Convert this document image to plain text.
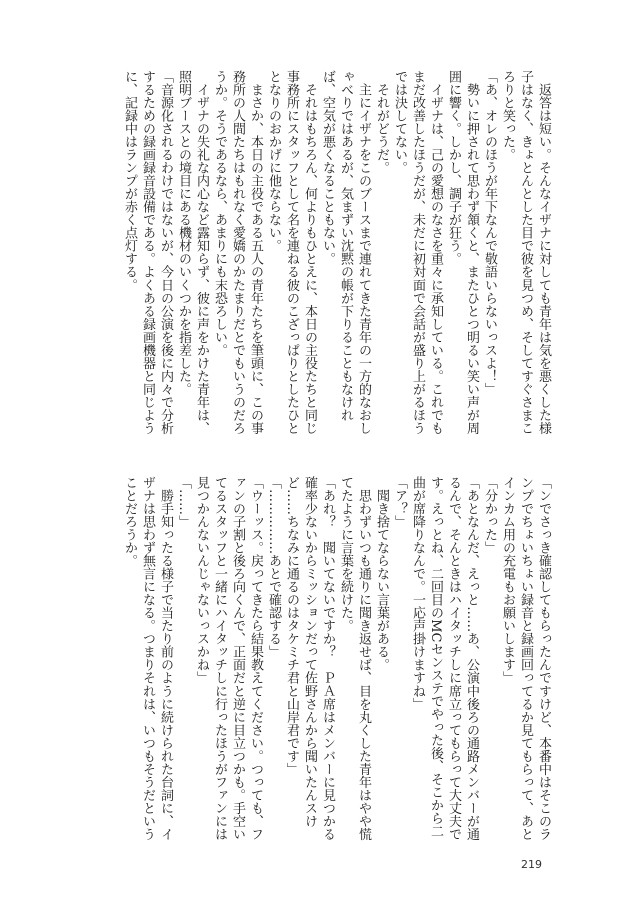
　返答は短い。そんなイザナに対しても青年は気を悪くした様子はなく、きょとんとした目で彼を見つめ、そしてすぐさまころりと笑った。
「あ、オレのほうが年下なんで敬語いらないっスよ！」
　勢いに押されて思わず頷くと、またひとつ明るい笑い声が周囲に響く。しかし、調子が狂う。
　イザナは、己の愛想のなさを重々に承知している。これでもまだ改善したほうだが、未だに初対面で会話が盛り上がるほうでは決してない。
　それがどうだ。
　主にイザナをこのブースまで連れてきた青年の一方的なおしゃべりではあるが、気まずい沈黙の帳が下りることもなければ、空気が悪くなることもない。
　それはもちろん、何よりもひとえに、本日の主役たちと同じ事務所にスタッフとして名を連ねる彼のこざっぱりとしたひととなりのおかげに他ならない。
　まさか、本日の主役である五人の青年たちを筆頭に、この事務所の人間たちはもれなく愛嬌のかたまりだとでもいうのだろうか。そうであるなら、あまりにも末恐ろしい。
　イザナの失礼な内心など露知らず、彼に声をかけた青年は、照明ブースとの境目にある機材のいくつかを指差した。
「音源化されるわけではないが、今日の公演を後に内々で分析するための録画録音設備である。よくある録画機器と同じように、記録中はランプが赤く点灯する。
「ンでさっき確認してもらったんですけど、本番中はそこのランプでちょいちょい録音と録画回ってるか見てもらって、あとインカム用の充電もお願いします」
「分かった」
「あとなんだ、えっと……あ、公演中後ろの通路メンバーが通るんで、そんときはハイタッチしに席立ってもらって大丈夫です。えっとね、二回目のMCセンステでやった後、そこから二曲が席降りなんで。一応声掛けますね」
「ア？」
　聞き捨てならない言葉がある。
　思わずいつも通りに聞き返せば、目を丸くした青年はやや慌てたように言葉を続けた。
「あれ？　聞いてないですか？　ＰＡ席はメンバーに見つかる確率少ないからミッションだって佐野さんから聞いたんスけど……ちなみに通るのはタケミチ君と山岸君です」
「……………あとで確認する」
「ウーッス。戻ってきたら結果教えてください。つっても、ファンの子割と後ろ向くんで、正面だと逆に目立つかも。手空いてるスタッフと一緒にハイタッチしに行ったほうがファンには見つかんないんじゃないっスかね」
「……」
　勝手知ったる様子で当たり前のように続けられた台詞に、イザナは思わず無言になる。つまりそれは、いつもそうだということだろうか。
219
